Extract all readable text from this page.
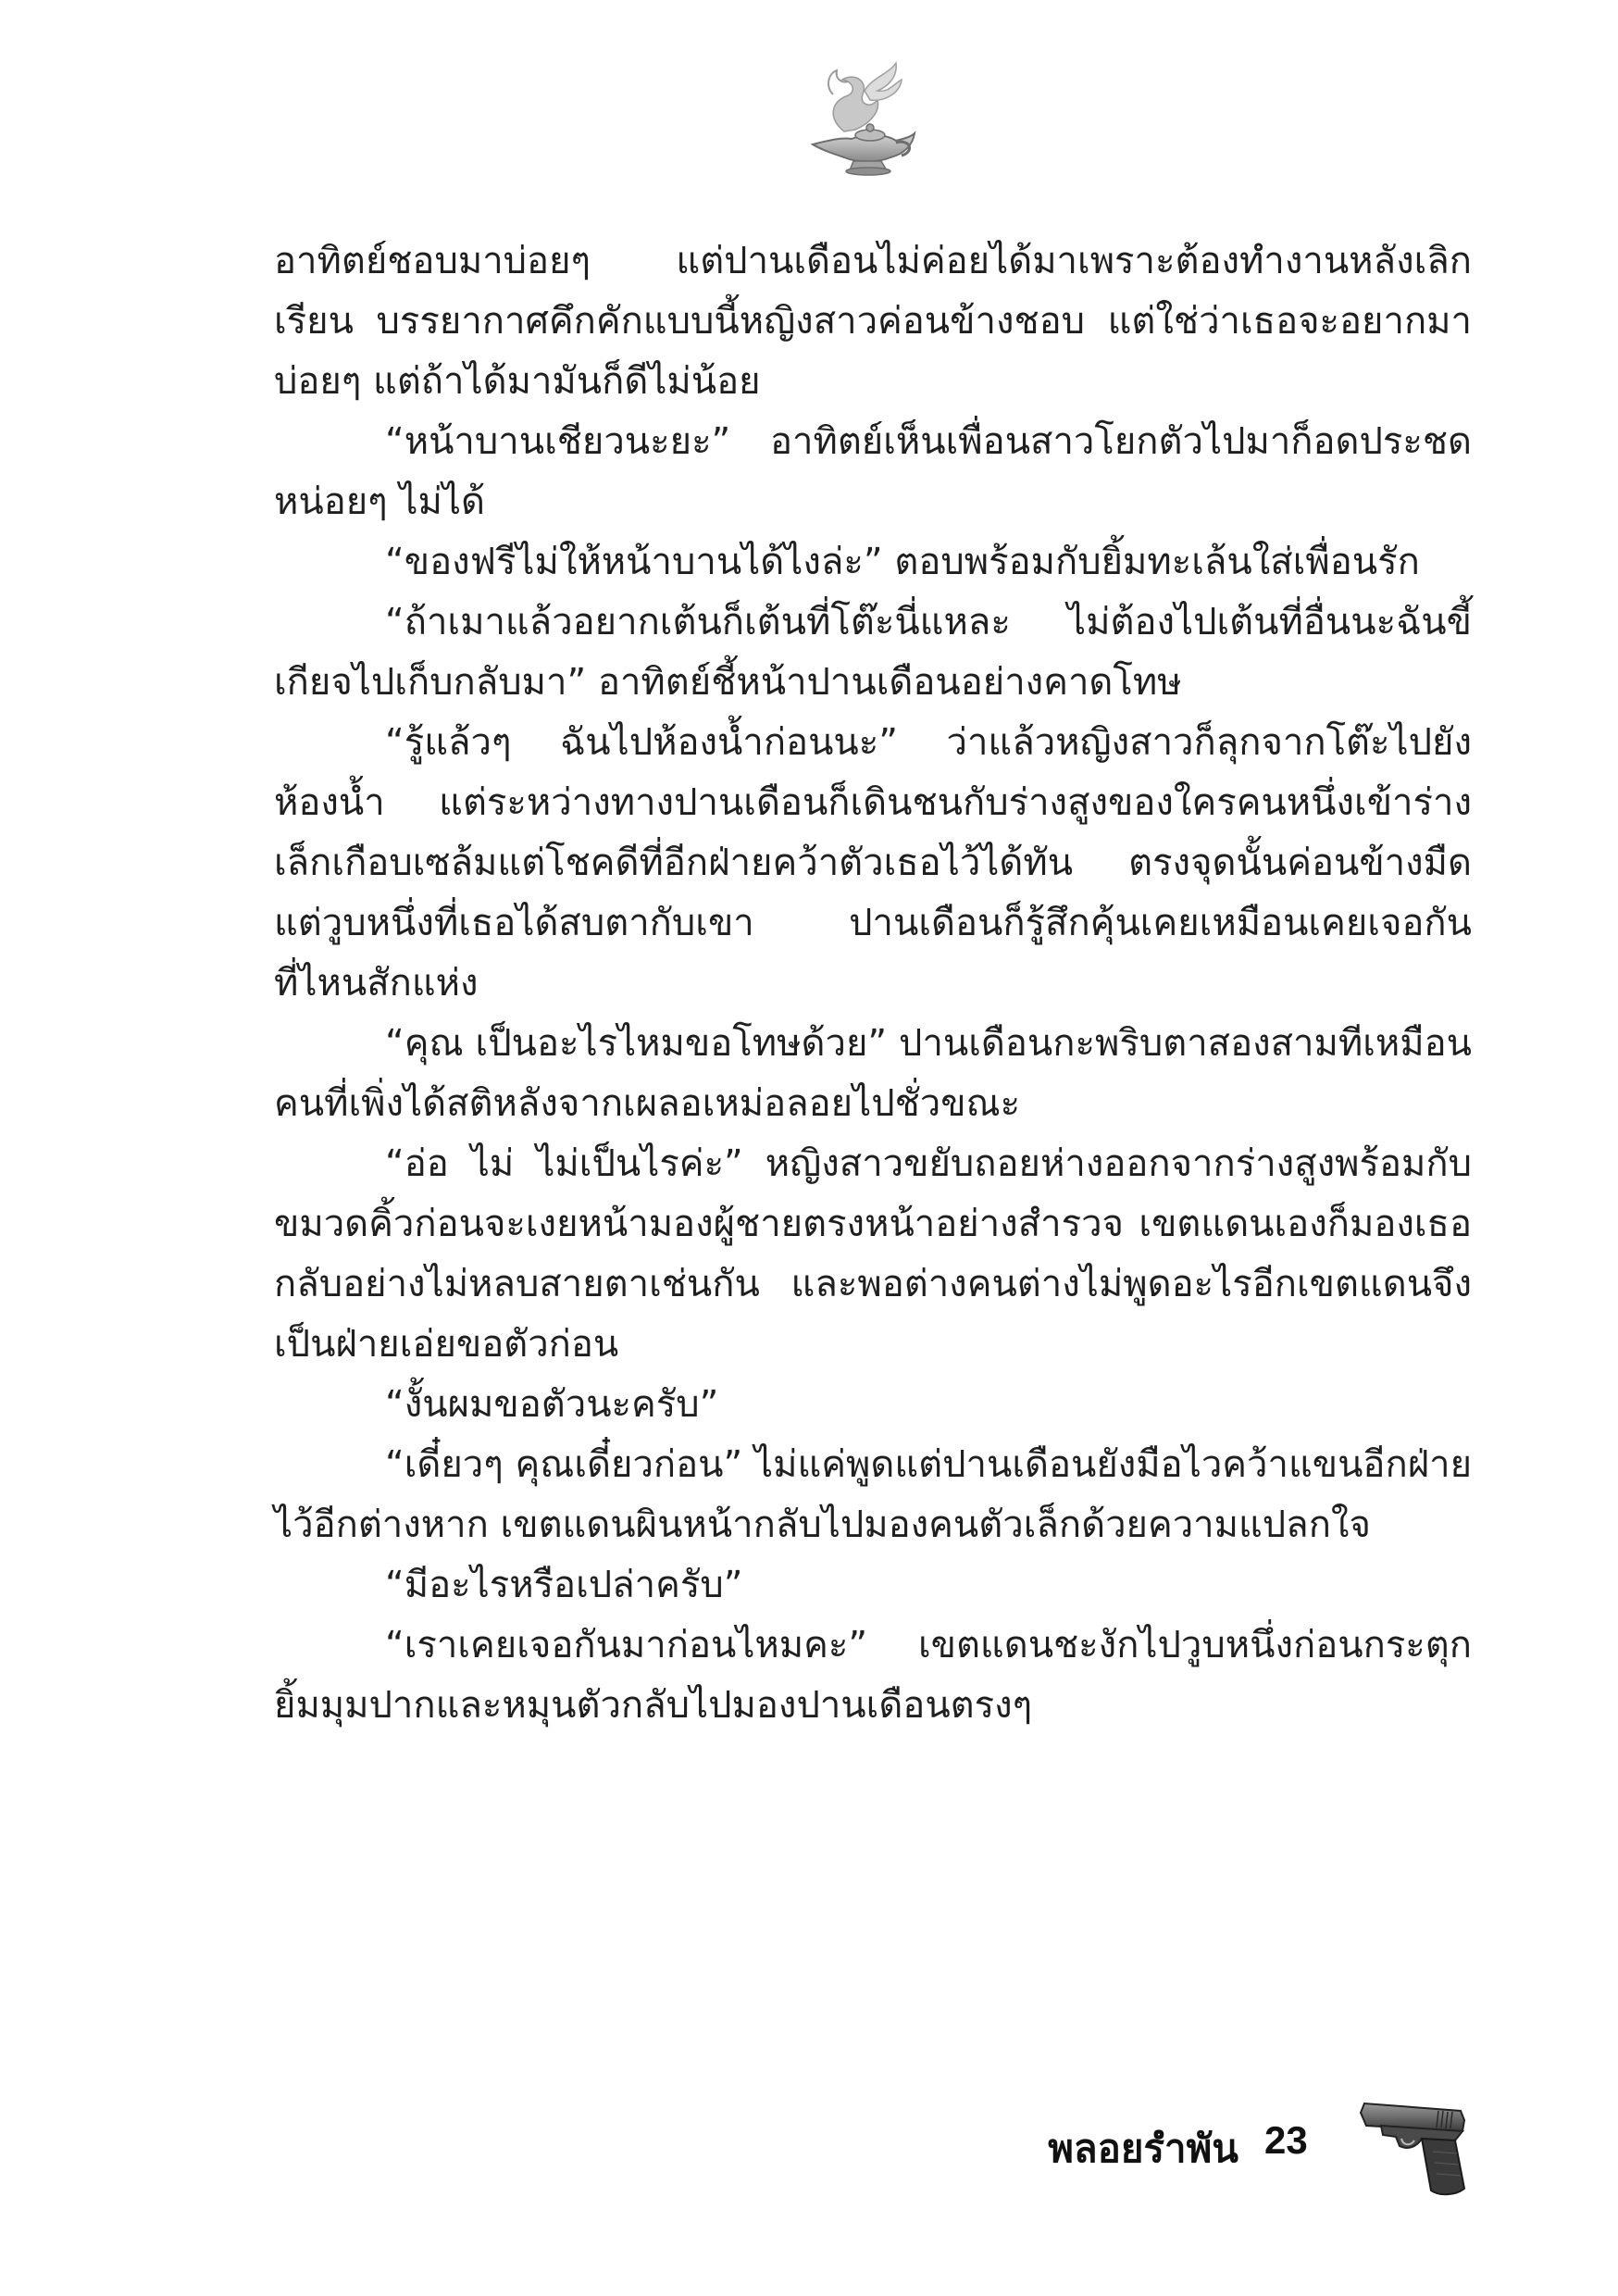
อาทิตย์ชอบมาบ่อยๆ แต่ปานเดือนไม่ค่อยได้มาเพราะต้องทำงานหลังเลิกเรียน บรรยากาศคึกคักแบบนี้หญิงสาวค่อนข้างชอบ แต่ใช่ว่าเธอจะอยากมาบ่อยๆ แต่ถ้าได้มามันก็ดีไม่น้อย

“หน้าบานเชียวนะยะ” อาทิตย์เห็นเพื่อนสาวโยกตัวไปมาก็อดประชดหน่อยๆ ไม่ได้

“ของฟรีไม่ให้หน้าบานได้ไงล่ะ” ตอบพร้อมกับยิ้มทะเล้นใส่เพื่อนรัก

“ถ้าเมาแล้วอยากเต้นก็เต้นที่โต๊ะนี่แหละ ไม่ต้องไปเต้นที่อื่นนะฉันขี้เกียจไปเก็บกลับมา” อาทิตย์ชี้หน้าปานเดือนอย่างคาดโทษ

“รู้แล้วๆ ฉันไปห้องน้ำก่อนนะ” ว่าแล้วหญิงสาวก็ลุกจากโต๊ะไปยังห้องน้ำ แต่ระหว่างทางปานเดือนก็เดินชนกับร่างสูงของใครคนหนึ่งเข้าร่างเล็กเกือบเซล้มแต่โชคดีที่อีกฝ่ายคว้าตัวเธอไว้ได้ทัน ตรงจุดนั้นค่อนข้างมืดแต่วูบหนึ่งที่เธอได้สบตากับเขา ปานเดือนก็รู้สึกคุ้นเคยเหมือนเคยเจอกันที่ไหนสักแห่ง

“คุณ เป็นอะไรไหมขอโทษด้วย” ปานเดือนกะพริบตาสองสามทีเหมือนคนที่เพิ่งได้สติหลังจากเผลอเหม่อลอยไปชั่วขณะ

“อ่อ ไม่ ไม่เป็นไรค่ะ” หญิงสาวขยับถอยห่างออกจากร่างสูงพร้อมกับขมวดคิ้วก่อนจะเงยหน้ามองผู้ชายตรงหน้าอย่างสำรวจ เขตแดนเองก็มองเธอกลับอย่างไม่หลบสายตาเช่นกัน และพอต่างคนต่างไม่พูดอะไรอีกเขตแดนจึงเป็นฝ่ายเอ่ยขอตัวก่อน

“งั้นผมขอตัวนะครับ”

“เดี๋ยวๆ คุณเดี๋ยวก่อน” ไม่แค่พูดแต่ปานเดือนยังมือไวคว้าแขนอีกฝ่ายไว้อีกต่างหาก เขตแดนผินหน้ากลับไปมองคนตัวเล็กด้วยความแปลกใจ

“มีอะไรหรือเปล่าครับ”

“เราเคยเจอกันมาก่อนไหมคะ” เขตแดนชะงักไปวูบหนึ่งก่อนกระตุกยิ้มมุมปากและหมุนตัวกลับไปมองปานเดือนตรงๆ

พลอยรำพัน 23
